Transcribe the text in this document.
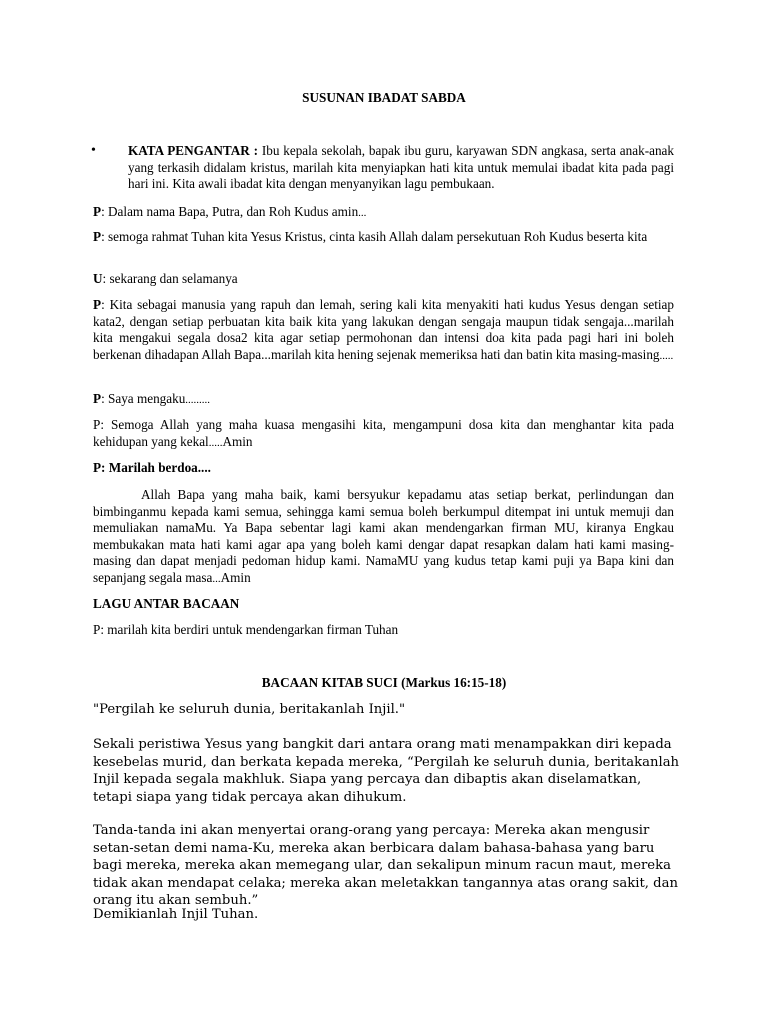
SUSUNAN IBADAT SABDA

• KATA PENGANTAR : Ibu kepala sekolah, bapak ibu guru, karyawan SDN angkasa, serta anak-anak yang terkasih didalam kristus, marilah kita menyiapkan hati kita untuk memulai ibadat kita pada pagi hari ini. Kita awali ibadat kita dengan menyanyikan lagu pembukaan.

P: Dalam nama Bapa, Putra, dan Roh Kudus amin...

P: semoga rahmat Tuhan kita Yesus Kristus, cinta kasih Allah dalam persekutuan Roh Kudus beserta kita

U: sekarang dan selamanya

P: Kita sebagai manusia yang rapuh dan lemah, sering kali kita menyakiti hati kudus Yesus dengan setiap kata2, dengan setiap perbuatan kita baik kita yang lakukan dengan sengaja maupun tidak sengaja...marilah kita mengakui segala dosa2 kita agar setiap permohonan dan intensi doa kita pada pagi hari ini boleh berkenan dihadapan Allah Bapa...marilah kita hening sejenak memeriksa hati dan batin kita masing-masing.....

P: Saya mengaku.........

P: Semoga Allah yang maha kuasa mengasihi kita, mengampuni dosa kita dan menghantar kita pada kehidupan yang kekal.....Amin

P: Marilah berdoa....

Allah Bapa yang maha baik, kami bersyukur kepadamu atas setiap berkat, perlindungan dan bimbinganmu kepada kami semua, sehingga kami semua boleh berkumpul ditempat ini untuk memuji dan memuliakan namaMu. Ya Bapa sebentar lagi kami akan mendengarkan firman MU, kiranya Engkau membukakan mata hati kami agar apa yang boleh kami dengar dapat resapkan dalam hati kami masing-masing dan dapat menjadi pedoman hidup kami. NamaMU yang kudus tetap kami puji ya Bapa kini dan sepanjang segala masa...Amin

LAGU ANTAR BACAAN

P: marilah kita berdiri untuk mendengarkan firman Tuhan

BACAAN KITAB SUCI (Markus 16:15-18)

"Pergilah ke seluruh dunia, beritakanlah Injil."

Sekali peristiwa Yesus yang bangkit dari antara orang mati menampakkan diri kepada kesebelas murid, dan berkata kepada mereka, “Pergilah ke seluruh dunia, beritakanlah Injil kepada segala makhluk. Siapa yang percaya dan dibaptis akan diselamatkan, tetapi siapa yang tidak percaya akan dihukum.

Tanda-tanda ini akan menyertai orang-orang yang percaya: Mereka akan mengusir setan-setan demi nama-Ku, mereka akan berbicara dalam bahasa-bahasa yang baru bagi mereka, mereka akan memegang ular, dan sekalipun minum racun maut, mereka tidak akan mendapat celaka; mereka akan meletakkan tangannya atas orang sakit, dan orang itu akan sembuh.”

Demikianlah Injil Tuhan.
